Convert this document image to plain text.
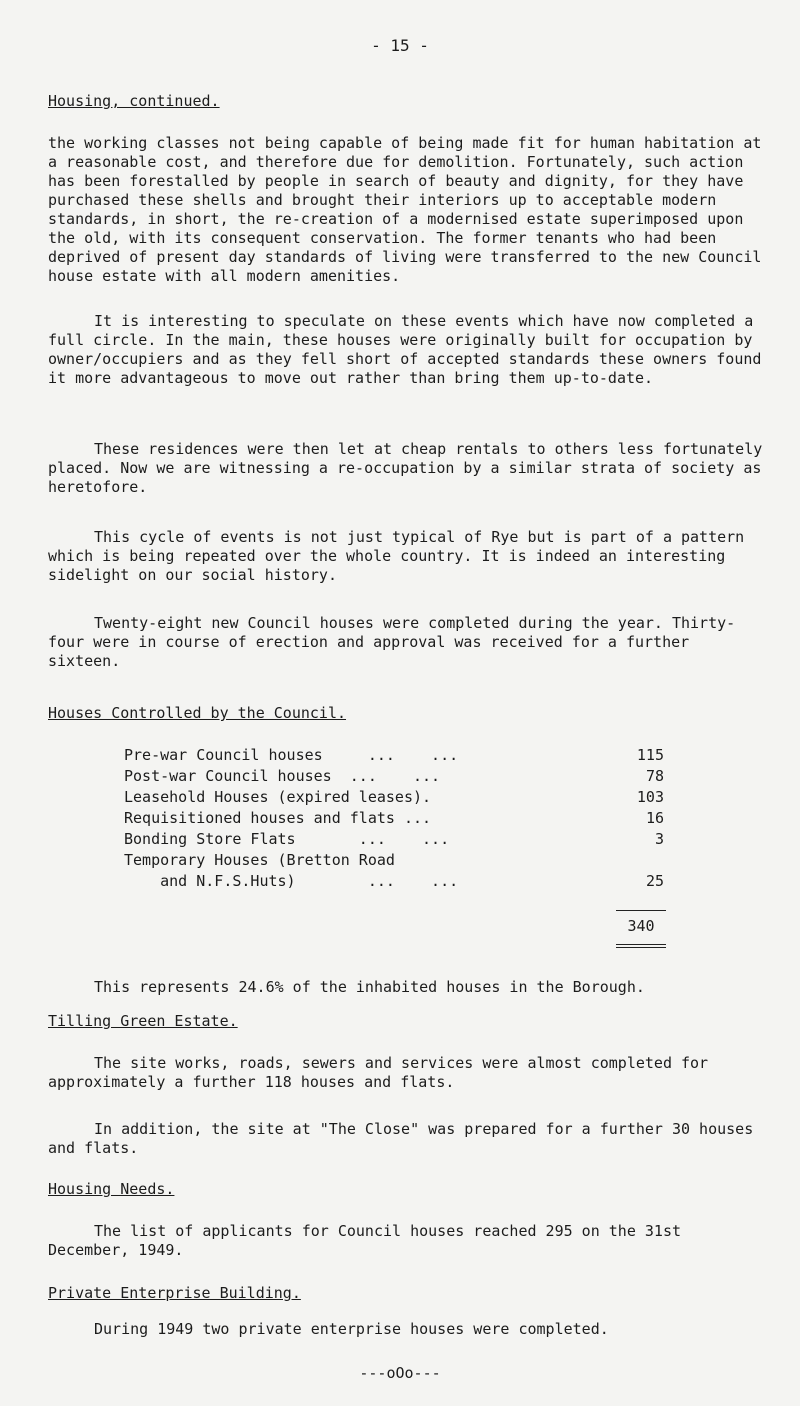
- 15 -
Housing, continued.

the working classes not being capable of being made fit for human habitation at a reasonable cost, and therefore due for demolition. Fortunately, such action has been forestalled by people in search of beauty and dignity, for they have purchased these shells and brought their interiors up to acceptable modern standards, in short, the re-creation of a modernised estate superimposed upon the old, with its consequent conservation. The former tenants who had been deprived of present day standards of living were transferred to the new Council house estate with all modern amenities.

It is interesting to speculate on these events which have now completed a full circle. In the main, these houses were originally built for occupation by owner/occupiers and as they fell short of accepted standards these owners found it more advantageous to move out rather than bring them up-to-date.

These residences were then let at cheap rentals to others less fortunately placed. Now we are witnessing a re-occupation by a similar strata of society as heretofore.

This cycle of events is not just typical of Rye but is part of a pattern which is being repeated over the whole country. It is indeed an interesting sidelight on our social history.

Twenty-eight new Council houses were completed during the year. Thirty-four were in course of erection and approval was received for a further sixteen.

Houses Controlled by the Council.
Pre-war Council houses     ...    ...	115
Post-war Council houses  ...    ...	78
Leasehold Houses (expired leases).	103
Requisitioned houses and flats ...	16
Bonding Store Flats       ...    ...	3
Temporary Houses (Bretton Road
and N.F.S.Huts)        ...    ...	25
340

This represents 24.6% of the inhabited houses in the Borough.

Tilling Green Estate.

The site works, roads, sewers and services were almost completed for approximately a further 118 houses and flats.

In addition, the site at "The Close" was prepared for a further 30 houses and flats.

Housing Needs.

The list of applicants for Council houses reached 295 on the 31st December, 1949.

Private Enterprise Building.

During 1949 two private enterprise houses were completed.

---oOo---
